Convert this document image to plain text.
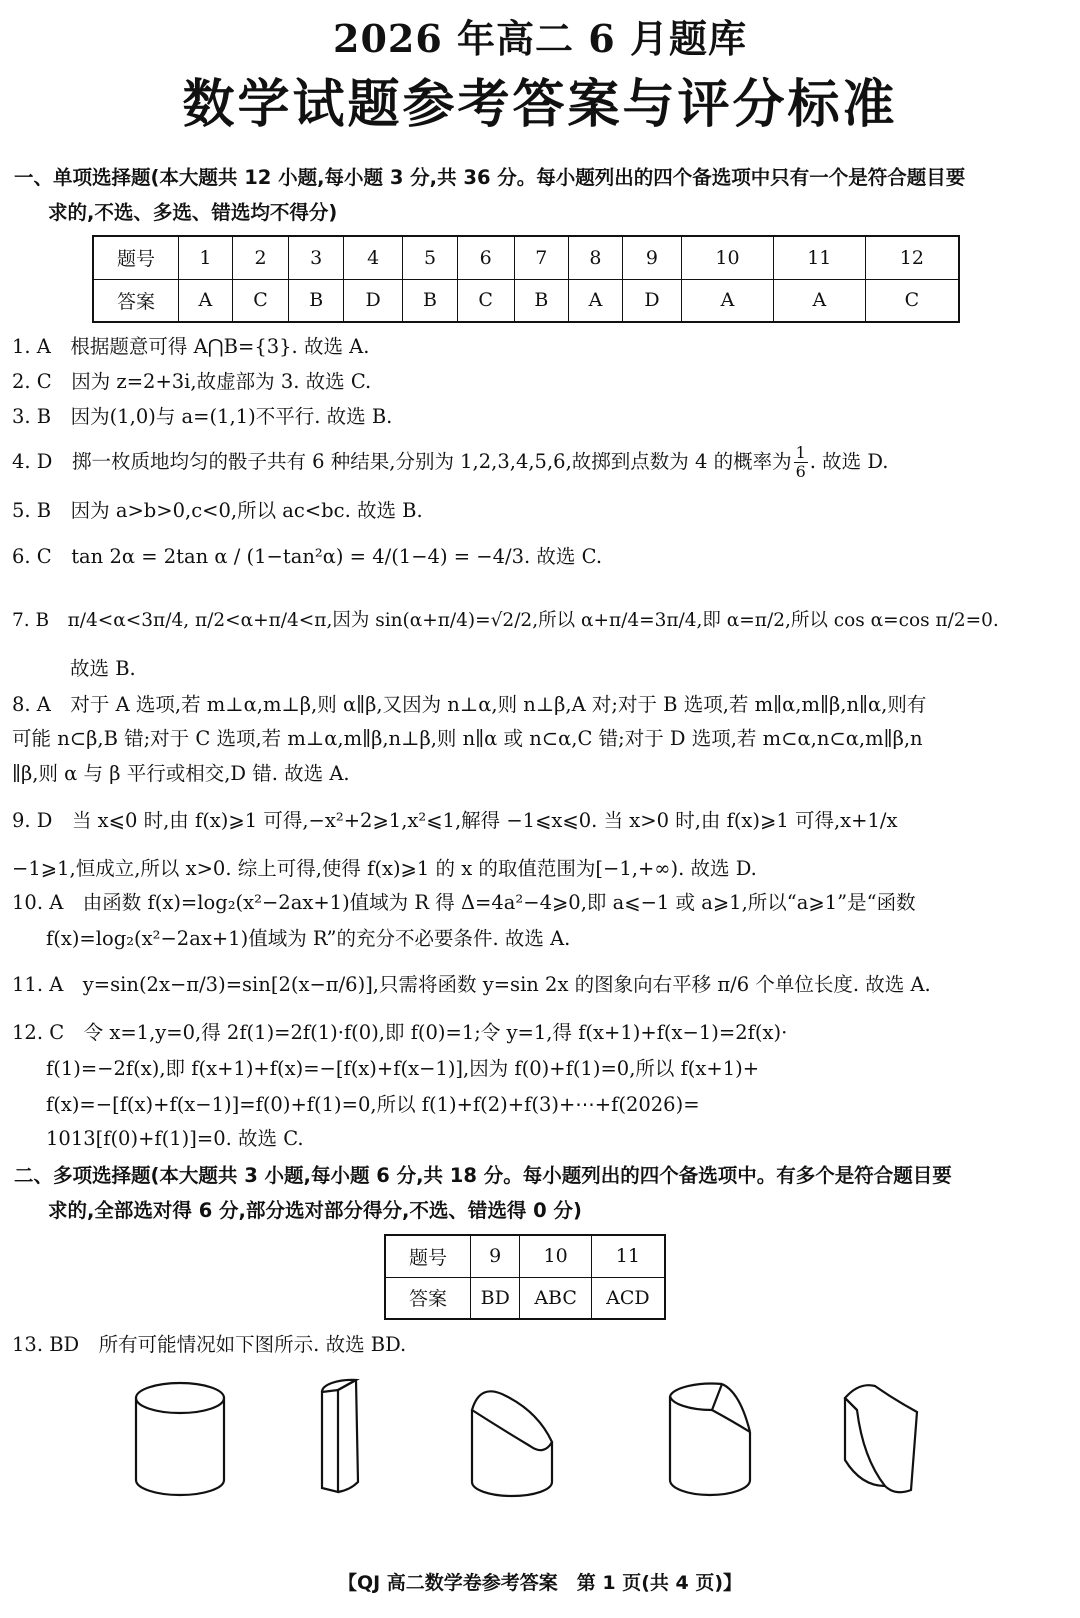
2026 年高二 6 月题库
数学试题参考答案与评分标准
一、单项选择题(本大题共 12 小题,每小题 3 分,共 36 分。每小题列出的四个备选项中只有一个是符合题目要
求的,不选、多选、错选均不得分)
题号	1	2	3	4	5	6	7	8	9	10	11	12
答案	A	C	B	D	B	C	B	A	D	A	A	C
1. A　根据题意可得 A⋂B={3}. 故选 A.
2. C　因为 z=2+3i,故虚部为 3. 故选 C.
3. B　因为(1,0)与 a=(1,1)不平行. 故选 B.
4. D　掷一枚质地均匀的骰子共有 6 种结果,分别为 1,2,3,4,5,6,故掷到点数为 4 的概率为 $\frac{1}{6}$ . 故选 D.
5. B　因为 a>b>0,c<0,所以 ac<bc. 故选 B.
6. C　tan 2α = 2tan α / (1−tan²α) = 4/(1−4) = −4/3. 故选 C.
7. B　π/4<α<3π/4, π/2<α+π/4<π,因为 sin(α+π/4)=√2/2,所以 α+π/4=3π/4,即 α=π/2,所以 cos α=cos π/2=0.
故选 B.
8. A　对于 A 选项,若 m⊥α,m⊥β,则 α∥β,又因为 n⊥α,则 n⊥β,A 对;对于 B 选项,若 m∥α,m∥β,n∥α,则有
可能 n⊂β,B 错;对于 C 选项,若 m⊥α,m∥β,n⊥β,则 n∥α 或 n⊂α,C 错;对于 D 选项,若 m⊂α,n⊂α,m∥β,n
∥β,则 α 与 β 平行或相交,D 错. 故选 A.
9. D　当 x⩽0 时,由 f(x)⩾1 可得,−x²+2⩾1,x²⩽1,解得 −1⩽x⩽0. 当 x>0 时,由 f(x)⩾1 可得,x+1/x
−1⩾1,恒成立,所以 x>0. 综上可得,使得 f(x)⩾1 的 x 的取值范围为[−1,+∞). 故选 D.
10. A　由函数 f(x)=log₂(x²−2ax+1)值域为 R 得 Δ=4a²−4⩾0,即 a⩽−1 或 a⩾1,所以“a⩾1”是“函数
f(x)=log₂(x²−2ax+1)值域为 R”的充分不必要条件. 故选 A.
11. A　y=sin(2x−π/3)=sin[2(x−π/6)],只需将函数 y=sin 2x 的图象向右平移 π/6 个单位长度. 故选 A.
12. C　令 x=1,y=0,得 2f(1)=2f(1)·f(0),即 f(0)=1;令 y=1,得 f(x+1)+f(x−1)=2f(x)·
f(1)=−2f(x),即 f(x+1)+f(x)=−[f(x)+f(x−1)],因为 f(0)+f(1)=0,所以 f(x+1)+
f(x)=−[f(x)+f(x−1)]=f(0)+f(1)=0,所以 f(1)+f(2)+f(3)+⋯+f(2026)=
1013[f(0)+f(1)]=0. 故选 C.
二、多项选择题(本大题共 3 小题,每小题 6 分,共 18 分。每小题列出的四个备选项中。有多个是符合题目要
求的,全部选对得 6 分,部分选对部分得分,不选、错选得 0 分)
题号	9	10	11
答案	BD	ABC	ACD
13. BD　所有可能情况如下图所示. 故选 BD.
【QJ 高二数学卷参考答案　第 1 页(共 4 页)】
